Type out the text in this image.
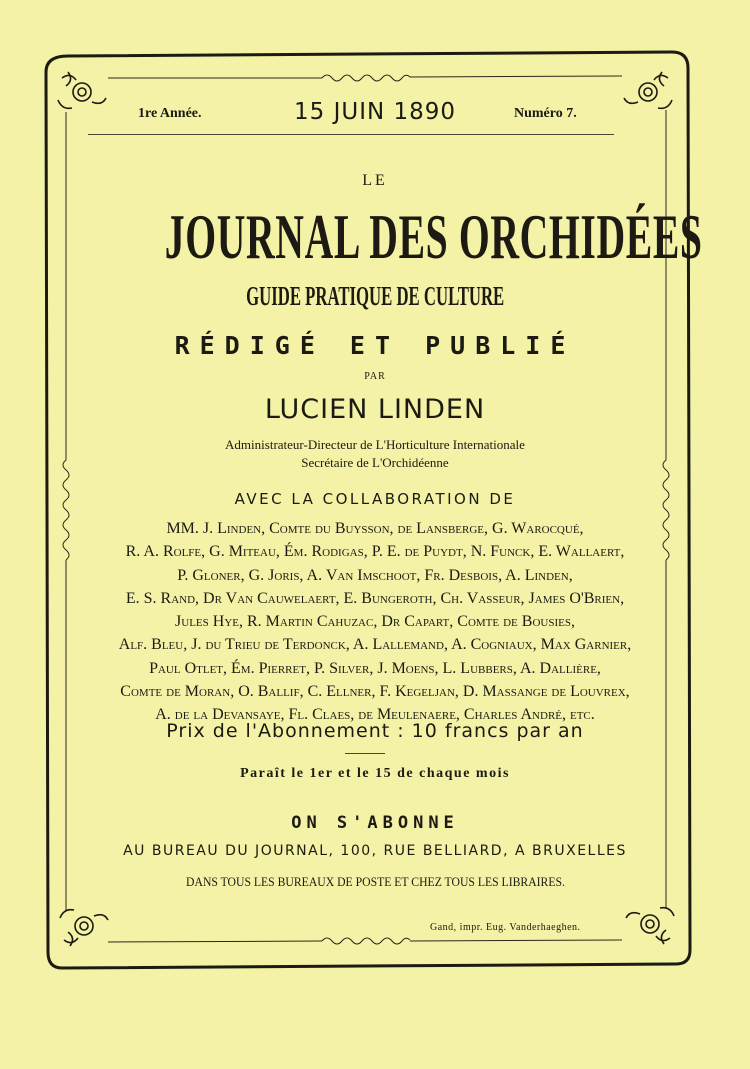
1re Année.	15 JUIN 1890	Numéro 7.
LE
JOURNAL DES ORCHIDÉES
GUIDE PRATIQUE DE CULTURE
RÉDIGÉ ET PUBLIÉ
PAR
LUCIEN LINDEN
Administrateur-Directeur de L'Horticulture Internationale
Secrétaire de L'Orchidéenne
AVEC LA COLLABORATION DE
MM. J. Linden, Comte du Buysson, de Lansberge, G. Warocqué,
R. A. Rolfe, G. Miteau, Ém. Rodigas, P. E. de Puydt, N. Funck, E. Wallaert,
P. Gloner, G. Joris, A. Van Imschoot, Fr. Desbois, A. Linden,
E. S. Rand, Dr Van Cauwelaert, E. Bungeroth, Ch. Vasseur, James O'Brien,
Jules Hye, R. Martin Cahuzac, Dr Capart, Comte de Bousies,
Alf. Bleu, J. du Trieu de Terdonck, A. Lallemand, A. Cogniaux, Max Garnier,
Paul Otlet, Ém. Pierret, P. Silver, J. Moens, L. Lubbers, A. Dallière,
Comte de Moran, O. Ballif, C. Ellner, F. Kegeljan, D. Massange de Louvrex,
A. de la Devansaye, Fl. Claes, de Meulenaere, Charles André, etc.
Prix de l'Abonnement : 10 francs par an
Paraît le 1er et le 15 de chaque mois
ON S'ABONNE
AU BUREAU DU JOURNAL, 100, RUE BELLIARD, A BRUXELLES
DANS TOUS LES BUREAUX DE POSTE ET CHEZ TOUS LES LIBRAIRES.
Gand, impr. Eug. Vanderhaeghen.
